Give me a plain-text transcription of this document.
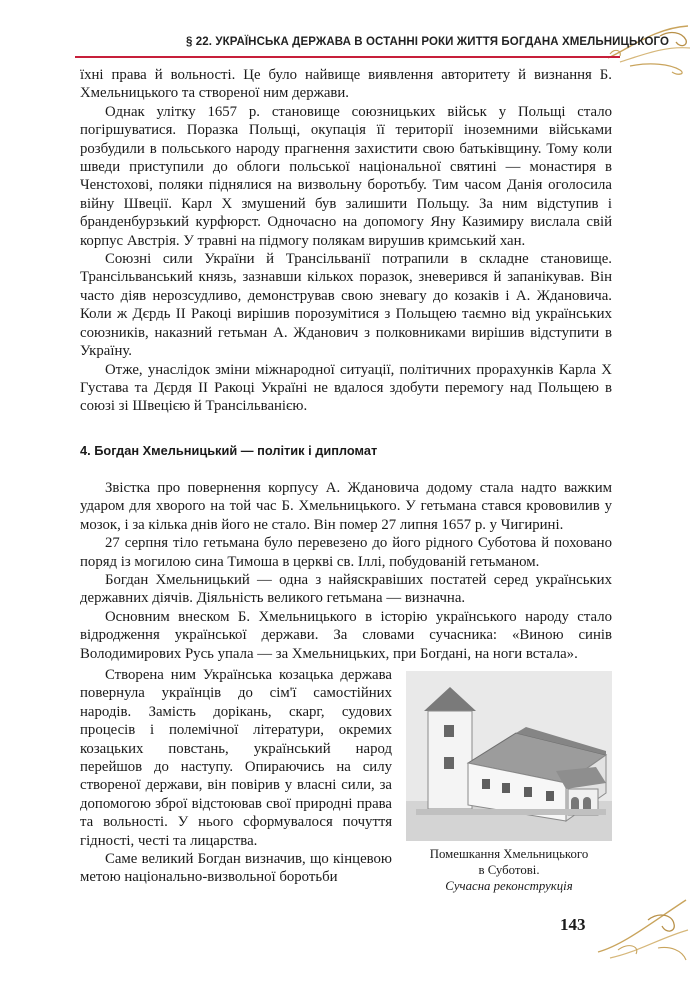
§ 22. УКРАЇНСЬКА ДЕРЖАВА В ОСТАННІ РОКИ ЖИТТЯ БОГДАНА ХМЕЛЬНИЦЬКОГО

їхні права й вольності. Це було найвище виявлення авторитету й визнання Б. Хмельницького та створеної ним держави.

Однак улітку 1657 р. становище союзницьких військ у Польщі стало погіршуватися. Поразка Польщі, окупація її території іноземними військами розбудили в польського народу прагнення захистити свою батьківщину. Тому коли шведи приступили до облоги польської національної святині — монастиря в Ченстохові, поляки піднялися на визвольну боротьбу. Тим часом Данія оголосила війну Швеції. Карл Х змушений був залишити Польщу. За ним відступив і бранденбурзький курфюрст. Одночасно на допомогу Яну Казимиру вислала свій корпус Австрія. У травні на підмогу полякам вирушив кримський хан.

Союзні сили України й Трансільванії потрапили в складне становище. Трансільванський князь, зазнавши кількох поразок, зневерився й запанікував. Він часто діяв нерозсудливо, демонстрував свою зневагу до козаків і А. Ждановича. Коли ж Дєрдь ІІ Ракоці вирішив порозумітися з Польщею таємно від українських союзників, наказний гетьман А. Жданович з полковниками вирішив відступити в Україну.

Отже, унаслідок зміни міжнародної ситуації, політичних прорахунків Карла Х Густава та Дєрдя ІІ Ракоці Україні не вдалося здобути перемогу над Польщею в союзі зі Швецією й Трансільванією.

4. Богдан Хмельницький — політик і дипломат

Звістка про повернення корпусу А. Ждановича додому стала надто важким ударом для хворого на той час Б. Хмельницького. У гетьмана стався крововилив у мозок, і за кілька днів його не стало. Він помер 27 липня 1657 р. у Чигирині.

27 серпня тіло гетьмана було перевезено до його рідного Суботова й поховано поряд із могилою сина Тимоша в церкві св. Іллі, побудованій гетьманом.

Богдан Хмельницький — одна з найяскравіших постатей серед українських державних діячів. Діяльність великого гетьмана — визначна.

Основним внеском Б. Хмельницького в історію українського народу стало відродження української держави. За словами сучасника: «Виною синів Володимирових Русь упала — за Хмельницьких, при Богдані, на ноги встала».

Створена ним Українська козацька держава повернула українців до сім'ї самостійних народів. Замість дорікань, скарг, судових процесів і полемічної літератури, окремих козацьких повстань, український народ перейшов до наступу. Опираючись на силу створеної держави, він повірив у власні сили, за допомогою зброї відстоював свої природні права та вольності. У нього сформувалося почуття гідності, честі та лицарства.

Саме великий Богдан визначив, що кінцевою метою національно-визвольної боротьби

Помешкання Хмельницького
в Суботові.
Сучасна реконструкція
143
